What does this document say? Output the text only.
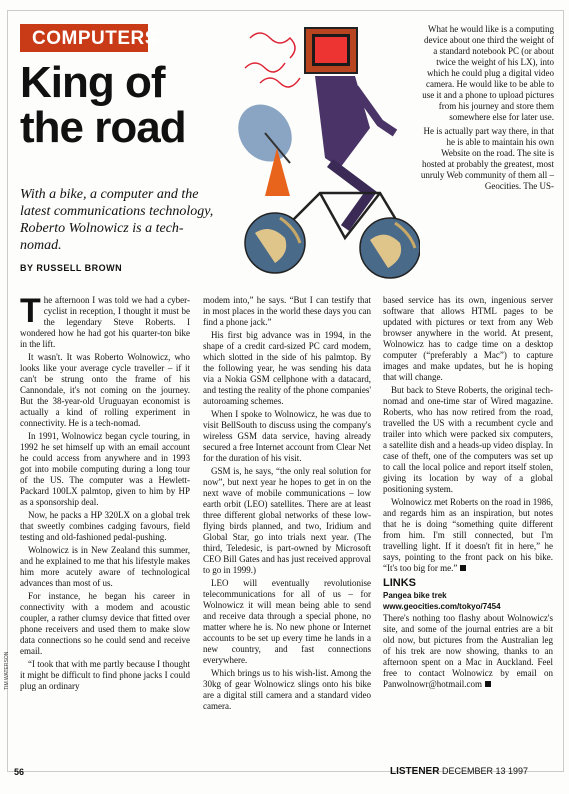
COMPUTERS
King of the road
With a bike, a computer and the latest communications technology, Roberto Wolnowicz is a tech-nomad.
BY RUSSELL BROWN

What he would like is a computing device about one third the weight of a standard notebook PC (or about twice the weight of his LX), into which he could plug a digital video camera. He would like to be able to use it and a phone to upload pictures from his journey and store them somewhere else for later use.

He is actually part way there, in that he is able to maintain his own Website on the road. The site is hosted at probably the greatest, most unruly Web community of them all – Geocities. The US-

The afternoon I was told we had a cyber-cyclist in reception, I thought it must be the legendary Steve Roberts. I wondered how he had got his quarter-ton bike in the lift.

It wasn't. It was Roberto Wolnowicz, who looks like your average cycle traveller – if it can't be strung onto the frame of his Cannondale, it's not coming on the journey. But the 38-year-old Uruguayan economist is actually a kind of rolling experiment in connectivity. He is a tech-nomad.

In 1991, Wolnowicz began cycle touring, in 1992 he set himself up with an email account he could access from anywhere and in 1993 got into mobile computing during a long tour of the US. The computer was a Hewlett-Packard 100LX palmtop, given to him by HP as a sponsorship deal.

Now, he packs a HP 320LX on a global trek that sweetly combines cadging favours, field testing and old-fashioned pedal-pushing.

Wolnowicz is in New Zealand this summer, and he explained to me that his lifestyle makes him more acutely aware of technological advances than most of us.

For instance, he began his career in connectivity with a modem and acoustic coupler, a rather clumsy device that fitted over phone receivers and used them to make slow data connections so he could send and receive email.

“I took that with me partly because I thought it might be difficult to find phone jacks I could plug an ordinary

modem into,” he says. “But I can testify that in most places in the world these days you can find a phone jack.”

His first big advance was in 1994, in the shape of a credit card-sized PC card modem, which slotted in the side of his palmtop. By the following year, he was sending his data via a Nokia GSM cellphone with a datacard, and testing the reality of the phone companies' autoroaming schemes.

When I spoke to Wolnowicz, he was due to visit BellSouth to discuss using the company's wireless GSM data service, having already secured a free Internet account from Clear Net for the duration of his visit.

GSM is, he says, “the only real solution for now”, but next year he hopes to get in on the next wave of mobile communications – low earth orbit (LEO) satellites. There are at least three different global networks of these low-flying birds planned, and two, Iridium and Global Star, go into trials next year. (The third, Teledesic, is part-owned by Microsoft CEO Bill Gates and has just received approval to go in 1999.)

LEO will eventually revolutionise telecommunications for all of us – for Wolnowicz it will mean being able to send and receive data through a special phone, no matter where he is. No new phone or Internet accounts to be set up every time he lands in a new country, and fast connections everywhere.

Which brings us to his wish-list. Among the 30kg of gear Wolnowicz slings onto his bike are a digital still camera and a standard video camera.

based service has its own, ingenious server software that allows HTML pages to be updated with pictures or text from any Web browser anywhere in the world. At present, Wolnowicz has to cadge time on a desktop computer (“preferably a Mac”) to capture images and make updates, but he is hoping that will change.

But back to Steve Roberts, the original tech-nomad and one-time star of Wired magazine. Roberts, who has now retired from the road, travelled the US with a recumbent cycle and trailer into which were packed six computers, a satellite dish and a heads-up video display. In case of theft, one of the computers was set up to call the local police and report itself stolen, giving its location by way of a global positioning system.

Wolnowicz met Roberts on the road in 1986, and regards him as an inspiration, but notes that he is doing “something quite different from him. I'm still connected, but I'm travelling light. If it doesn't fit in here,” he says, pointing to the front pack on his bike. “It's too big for me.”

LINKS
Pangea bike trek
www.geocities.com/tokyo/7454

There's nothing too flashy about Wolnowicz's site, and some of the journal entries are a bit old now, but pictures from the Australian leg of his trek are now showing, thanks to an afternoon spent on a Mac in Auckland. Feel free to contact Wolnowicz by email on Panwolnowr@hotmail.com

TIM WATERSON
56	LISTENER DECEMBER 13 1997
